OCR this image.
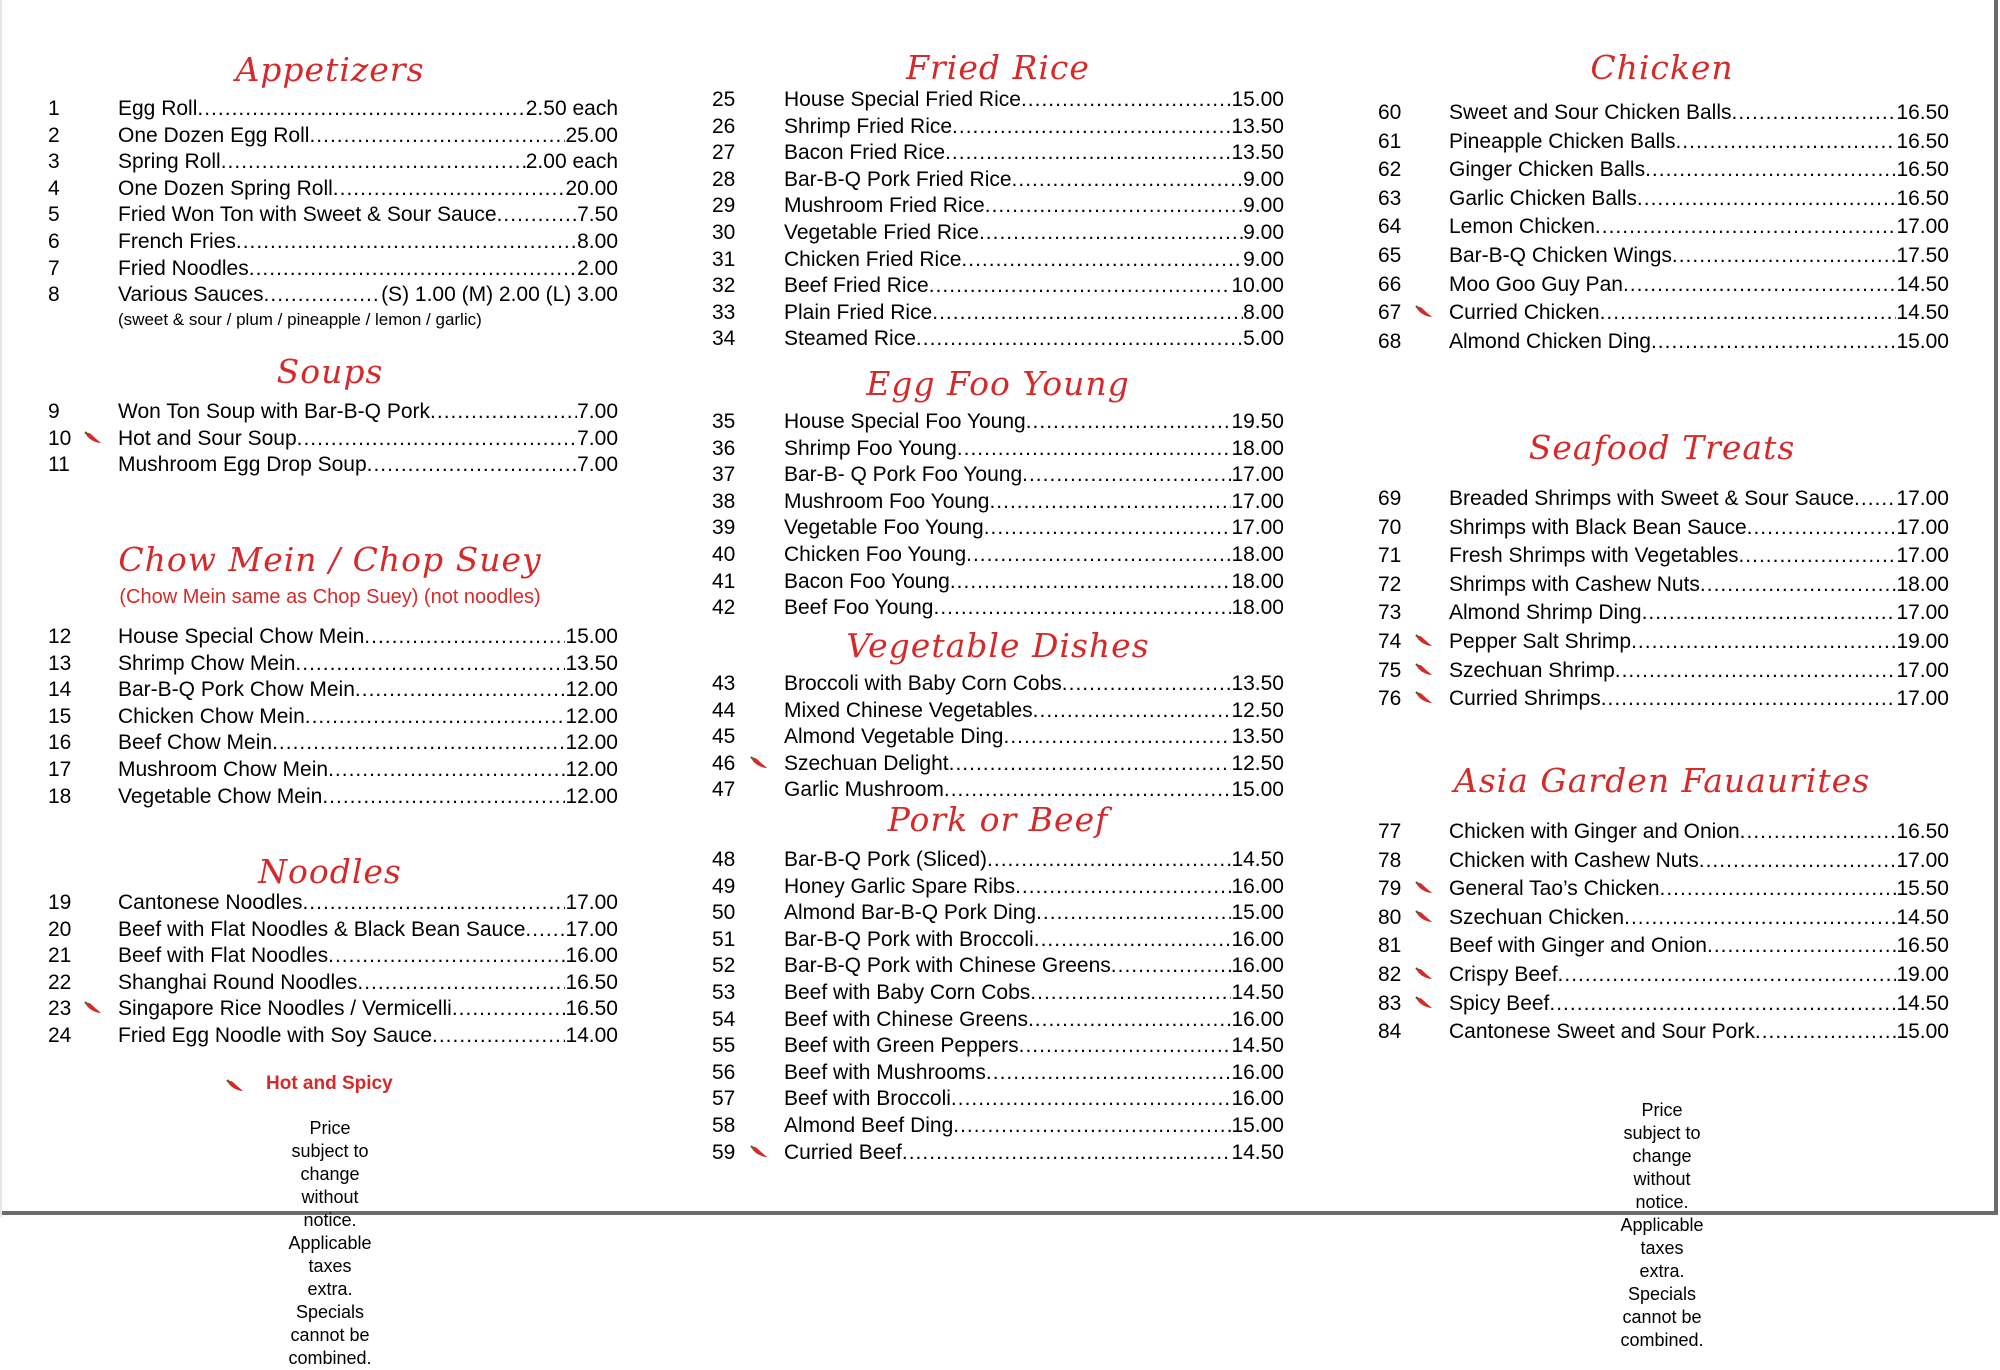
Appetizers
1	Egg Roll .....	2.50 each
2	One Dozen Egg Roll .....	25.00
3	Spring Roll .....	2.00 each
4	One Dozen Spring Roll .....	20.00
5	Fried Won Ton with Sweet & Sour Sauce .....	7.50
6	French Fries .....	8.00
7	Fried Noodles .....	2.00
8	Various Sauces .....	(S) 1.00 (M) 2.00 (L) 3.00
(sweet & sour / plum / pineapple / lemon / garlic)
Soups
9	Won Ton Soup with Bar-B-Q Pork .....	7.00
10 Hot and Sour Soup .....	7.00
11 Mushroom Egg Drop Soup .....	7.00
Chow Mein / Chop Suey
(Chow Mein same as Chop Suey) (not noodles)
12 House Special Chow Mein .....	15.00
13 Shrimp Chow Mein .....	13.50
14 Bar-B-Q Pork Chow Mein .....	12.00
15 Chicken Chow Mein .....	12.00
16 Beef Chow Mein .....	12.00
17 Mushroom Chow Mein .....	12.00
18 Vegetable Chow Mein .....	12.00
Noodles
19 Cantonese Noodles .....	17.00
20 Beef with Flat Noodles & Black Bean Sauce ..... 17.00
21 Beef with Flat Noodles .....	16.00
22 Shanghai Round Noodles .....	16.50
23 Singapore Rice Noodles / Vermicelli .....	16.50
24 Fried Egg Noodle with Soy Sauce .....	14.00
Hot and Spicy
Price subject to change without notice.
Applicable taxes extra. Specials cannot be combined.
Fried Rice
25 House Special Fried Rice .....	15.00
26 Shrimp Fried Rice .....	13.50
27 Bacon Fried Rice .....	13.50
28 Bar-B-Q Pork Fried Rice .....	9.00
29 Mushroom Fried Rice .....	9.00
30 Vegetable Fried Rice .....	9.00
31 Chicken Fried Rice .....	9.00
32 Beef Fried Rice .....	10.00
33 Plain Fried Rice .....	8.00
34 Steamed Rice .....	5.00
Egg Foo Young
35 House Special Foo Young .....	19.50
36 Shrimp Foo Young .....	18.00
37 Bar-B- Q Pork Foo Young .....	17.00
38 Mushroom Foo Young .....	17.00
39 Vegetable Foo Young .....	17.00
40 Chicken Foo Young .....	18.00
41 Bacon Foo Young .....	18.00
42 Beef Foo Young .....	18.00
Vegetable Dishes
43 Broccoli with Baby Corn Cobs .....	13.50
44 Mixed Chinese Vegetables .....	12.50
45 Almond Vegetable Ding .....	13.50
46 Szechuan Delight .....	12.50
47 Garlic Mushroom .....	15.00
Pork or Beef
48 Bar-B-Q Pork (Sliced) .....	14.50
49 Honey Garlic Spare Ribs .....	16.00
50 Almond Bar-B-Q Pork Ding .....	15.00
51 Bar-B-Q Pork with Broccoli .....	16.00
52 Bar-B-Q Pork with Chinese Greens .....	16.00
53 Beef with Baby Corn Cobs .....	14.50
54 Beef with Chinese Greens .....	16.00
55 Beef with Green Peppers .....	14.50
56 Beef with Mushrooms .....	16.00
57 Beef with Broccoli .....	16.00
58 Almond Beef Ding .....	15.00
59 Curried Beef .....	14.50
Chicken
60 Sweet and Sour Chicken Balls .....	16.50
61 Pineapple Chicken Balls .....	16.50
62 Ginger Chicken Balls .....	16.50
63 Garlic Chicken Balls .....	16.50
64 Lemon Chicken .....	17.00
65 Bar-B-Q Chicken Wings .....	17.50
66 Moo Goo Guy Pan .....	14.50
67 Curried Chicken .....	14.50
68 Almond Chicken Ding .....	15.00
Seafood Treats
69 Breaded Shrimps with Sweet & Sour Sauce ..... 17.00
70 Shrimps with Black Bean Sauce .....	17.00
71 Fresh Shrimps with Vegetables .....	17.00
72 Shrimps with Cashew Nuts .....	18.00
73 Almond Shrimp Ding .....	17.00
74 Pepper Salt Shrimp .....	19.00
75 Szechuan Shrimp .....	17.00
76 Curried Shrimps .....	17.00
Asia Garden Fauaurites
77 Chicken with Ginger and Onion .....	16.50
78 Chicken with Cashew Nuts .....	17.00
79 General Tao’s Chicken .....	15.50
80 Szechuan Chicken .....	14.50
81 Beef with Ginger and Onion .....	16.50
82 Crispy Beef .....	19.00
83 Spicy Beef .....	14.50
84 Cantonese Sweet and Sour Pork .....	15.00
Price subject to change without notice.
Applicable taxes extra.
Specials cannot be combined.
